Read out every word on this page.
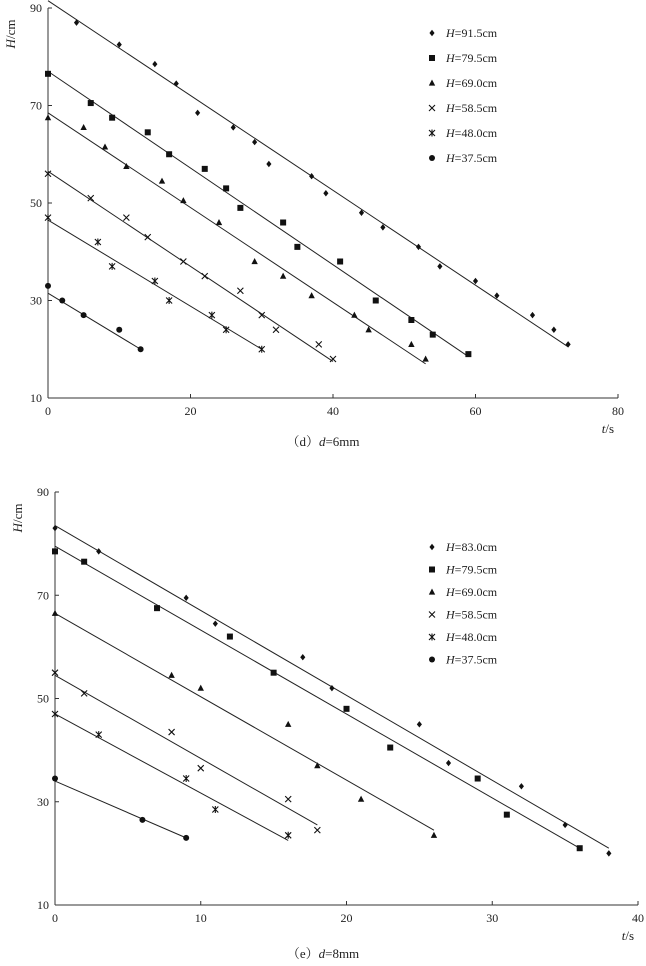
10
30
50
70
90
0	20	40	60	80
H/cm
t/s
H=91.5cm
H=79.5cm
H=69.0cm
H=58.5cm
H=48.0cm
H=37.5cm
（d）d=6mm
10
30
50
70
90
0	10	20	30	40
H/cm
t/s
H=83.0cm
H=79.5cm
H=69.0cm
H=58.5cm
H=48.0cm
H=37.5cm
（e）d=8mm
